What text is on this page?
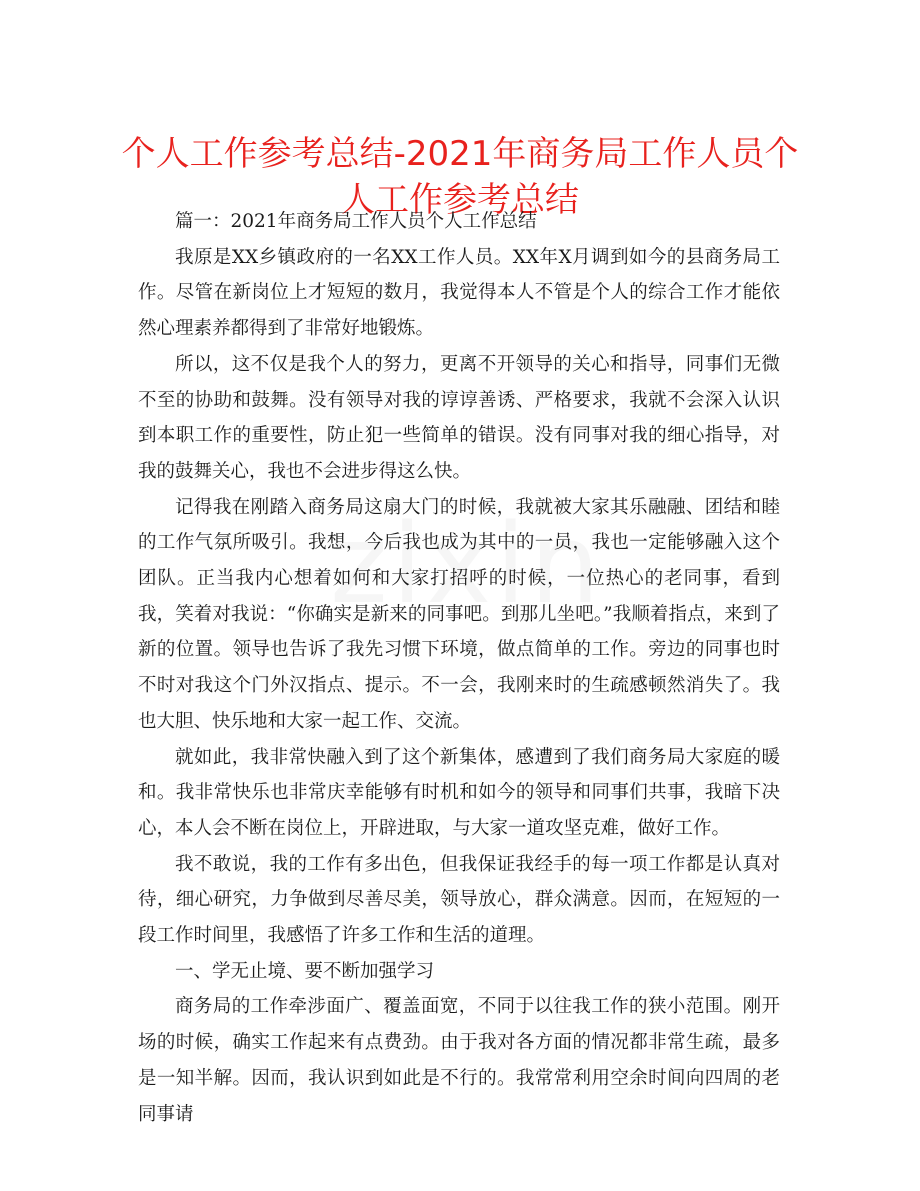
个人工作参考总结-2021年商务局工作人员个人工作参考总结

篇一：2021年商务局工作人员个人工作总结

我原是XX乡镇政府的一名XX工作人员。XX年X月调到如今的县商务局工作。尽管在新岗位上才短短的数月，我觉得本人不管是个人的综合工作才能依然心理素养都得到了非常好地锻炼。

所以，这不仅是我个人的努力，更离不开领导的关心和指导，同事们无微不至的协助和鼓舞。没有领导对我的谆谆善诱、严格要求，我就不会深入认识到本职工作的重要性，防止犯一些简单的错误。没有同事对我的细心指导，对我的鼓舞关心，我也不会进步得这么快。

记得我在刚踏入商务局这扇大门的时候，我就被大家其乐融融、团结和睦的工作气氛所吸引。我想，今后我也成为其中的一员，我也一定能够融入这个团队。正当我内心想着如何和大家打招呼的时候，一位热心的老同事，看到我，笑着对我说：“你确实是新来的同事吧。到那儿坐吧。”我顺着指点，来到了新的位置。领导也告诉了我先习惯下环境，做点简单的工作。旁边的同事也时不时对我这个门外汉指点、提示。不一会，我刚来时的生疏感顿然消失了。我也大胆、快乐地和大家一起工作、交流。

就如此，我非常快融入到了这个新集体，感遭到了我们商务局大家庭的暖和。我非常快乐也非常庆幸能够有时机和如今的领导和同事们共事，我暗下决心，本人会不断在岗位上，开辟进取，与大家一道攻坚克难，做好工作。

我不敢说，我的工作有多出色，但我保证我经手的每一项工作都是认真对待，细心研究，力争做到尽善尽美，领导放心，群众满意。因而，在短短的一段工作时间里，我感悟了许多工作和生活的道理。

一、学无止境、要不断加强学习

商务局的工作牵涉面广、覆盖面宽，不同于以往我工作的狭小范围。刚开场的时候，确实工作起来有点费劲。由于我对各方面的情况都非常生疏，最多是一知半解。因而，我认识到如此是不行的。我常常利用空余时间向四周的老同事请
